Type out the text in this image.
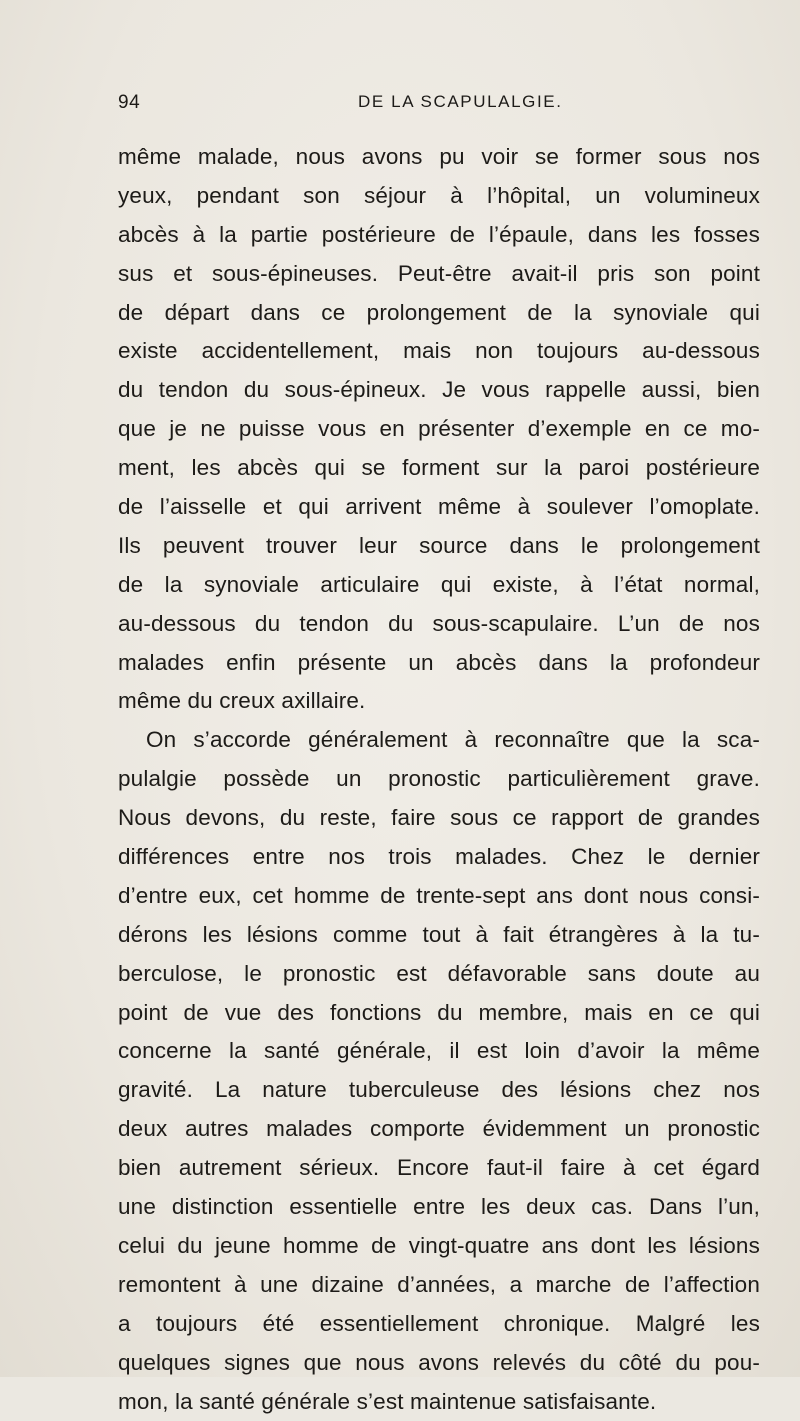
94	DE LA SCAPULALGIE.
même malade, nous avons pu voir se former sous nos
yeux, pendant son séjour à l’hôpital, un volumineux
abcès à la partie postérieure de l’épaule, dans les fosses
sus et sous-épineuses. Peut-être avait-il pris son point
de départ dans ce prolongement de la synoviale qui
existe accidentellement, mais non toujours au-dessous
du tendon du sous-épineux. Je vous rappelle aussi, bien
que je ne puisse vous en présenter d’exemple en ce mo-
ment, les abcès qui se forment sur la paroi postérieure
de l’aisselle et qui arrivent même à soulever l’omoplate.
Ils peuvent trouver leur source dans le prolongement
de la synoviale articulaire qui existe, à l’état normal,
au-dessous du tendon du sous-scapulaire. L’un de nos
malades enfin présente un abcès dans la profondeur
même du creux axillaire.
On s’accorde généralement à reconnaître que la sca-
pulalgie possède un pronostic particulièrement grave.
Nous devons, du reste, faire sous ce rapport de grandes
différences entre nos trois malades. Chez le dernier
d’entre eux, cet homme de trente-sept ans dont nous consi-
dérons les lésions comme tout à fait étrangères à la tu-
berculose, le pronostic est défavorable sans doute au
point de vue des fonctions du membre, mais en ce qui
concerne la santé générale, il est loin d’avoir la même
gravité. La nature tuberculeuse des lésions chez nos
deux autres malades comporte évidemment un pronostic
bien autrement sérieux. Encore faut-il faire à cet égard
une distinction essentielle entre les deux cas. Dans l’un,
celui du jeune homme de vingt-quatre ans dont les lésions
remontent à une dizaine d’années, a marche de l’affection
a toujours été essentiellement chronique. Malgré les
quelques signes que nous avons relevés du côté du pou-
mon, la santé générale s’est maintenue satisfaisante.
